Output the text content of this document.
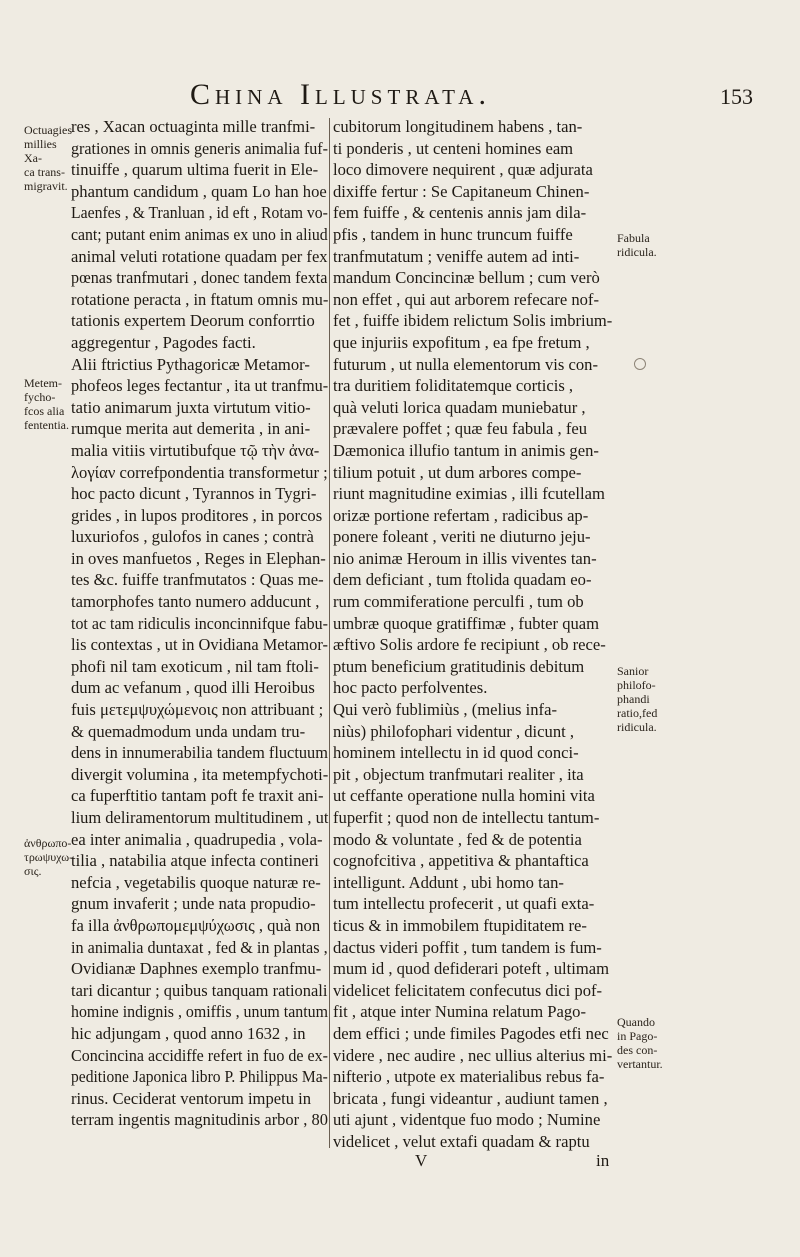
China Illustrata.	153
Octuagies
millies Xa-
ca trans-
migravit.
Metem-
fycho-
fcos alia
fententia.
ἀνθρωπο-
τρωψυχω-
σις.
Fabula
ridicula.
Sanior
philofo-
phandi
ratio,fed
ridicula.
Quando
in Pago-
des con-
vertantur.
res , Xacan octuaginta mille tranfmi-
grationes in omnis generis animalia fuf-
tinuiffe , quarum ultima fuerit in Ele-
phantum candidum , quam Lo han hoe
Laenfes , & Tranluan , id eft , Rotam vo-
cant; putant enim animas ex uno in aliud
animal veluti rotatione quadam per fex
pœnas tranfmutari , donec tandem fexta
rotatione peracta , in ftatum omnis mu-
tationis expertem Deorum conforrtio
aggregentur , Pagodes facti.
Alii ftrictius Pythagoricæ Metamor-
phofeos leges fectantur , ita ut tranfmu-
tatio animarum juxta virtutum vitio-
rumque merita aut demerita , in ani-
malia vitiis virtutibufque τῷ τὴν ἀνα-
λογίαν correfpondentia transformetur ;
hoc pacto dicunt , Tyrannos in Tygri-
grides , in lupos proditores , in porcos
luxuriofos , gulofos in canes ; contrà
in oves manfuetos , Reges in Elephan-
tes &c. fuiffe tranfmutatos : Quas me-
tamorphofes tanto numero adducunt ,
tot ac tam ridiculis inconcinnifque fabu-
lis contextas , ut in Ovidiana Metamor-
phofi nil tam exoticum , nil tam ftoli-
dum ac vefanum , quod illi Heroibus
fuis μετεμψυχώμενοις non attribuant ;
& quemadmodum unda undam tru-
dens in innumerabilia tandem fluctuum
divergit volumina , ita metempfychoti-
ca fuperftitio tantam poft fe traxit ani-
lium deliramentorum multitudinem , ut
ea inter animalia , quadrupedia , vola-
tilia , natabilia atque infecta contineri
nefcia , vegetabilis quoque naturæ re-
gnum invaferit ; unde nata propudio-
fa illa ἀνθρωπομεμψύχωσις , quà non
in animalia duntaxat , fed & in plantas ,
Ovidianæ Daphnes exemplo tranfmu-
tari dicantur ; quibus tanquam rationali
homine indignis , omiffis , unum tantum
hic adjungam , quod anno 1632 , in
Concincina accidiffe refert in fuo de ex-
peditione Japonica libro P. Philippus Ma-
rinus. Ceciderat ventorum impetu in
terram ingentis magnitudinis arbor , 80
cubitorum longitudinem habens , tan-
ti ponderis , ut centeni homines eam
loco dimovere nequirent , quæ adjurata
dixiffe fertur : Se Capitaneum Chinen-
fem fuiffe , & centenis annis jam dila-
pfis , tandem in hunc truncum fuiffe
tranfmutatum ; veniffe autem ad inti-
mandum Concincinæ bellum ; cum verò
non effet , qui aut arborem refecare nof-
fet , fuiffe ibidem relictum Solis imbrium-
que injuriis expofitum , ea fpe fretum ,
futurum , ut nulla elementorum vis con-
tra duritiem foliditatemque corticis ,
quà veluti lorica quadam muniebatur ,
prævalere poffet ; quæ feu fabula , feu
Dæmonica illufio tantum in animis gen-
tilium potuit , ut dum arbores compe-
riunt magnitudine eximias , illi fcutellam
orizæ portione refertam , radicibus ap-
ponere foleant , veriti ne diuturno jeju-
nio animæ Heroum in illis viventes tan-
dem deficiant , tum ftolida quadam eo-
rum commiferatione perculfi , tum ob
umbræ quoque gratiffimæ , fubter quam
æftivo Solis ardore fe recipiunt , ob rece-
ptum beneficium gratitudinis debitum
hoc pacto perfolventes.
Qui verò fublimiùs , (melius infa-
niùs) philofophari videntur , dicunt ,
hominem intellectu in id quod conci-
pit , objectum tranfmutari realiter , ita
ut ceffante operatione nulla homini vita
fuperfit ; quod non de intellectu tantum-
modo & voluntate , fed & de potentia
cognofcitiva , appetitiva & phantaftica
intelligunt. Addunt , ubi homo tan-
tum intellectu profecerit , ut quafi exta-
ticus & in immobilem ftupiditatem re-
dactus videri poffit , tum tandem is fum-
mum id , quod defiderari poteft , ultimam
videlicet felicitatem confecutus dici pof-
fit , atque inter Numina relatum Pago-
dem effici ; unde fimiles Pagodes etfi nec
videre , nec audire , nec ullius alterius mi-
nifterio , utpote ex materialibus rebus fa-
bricata , fungi videantur , audiunt tamen ,
uti ajunt , videntque fuo modo ; Numine
videlicet , velut extafi quadam & raptu
V	in
